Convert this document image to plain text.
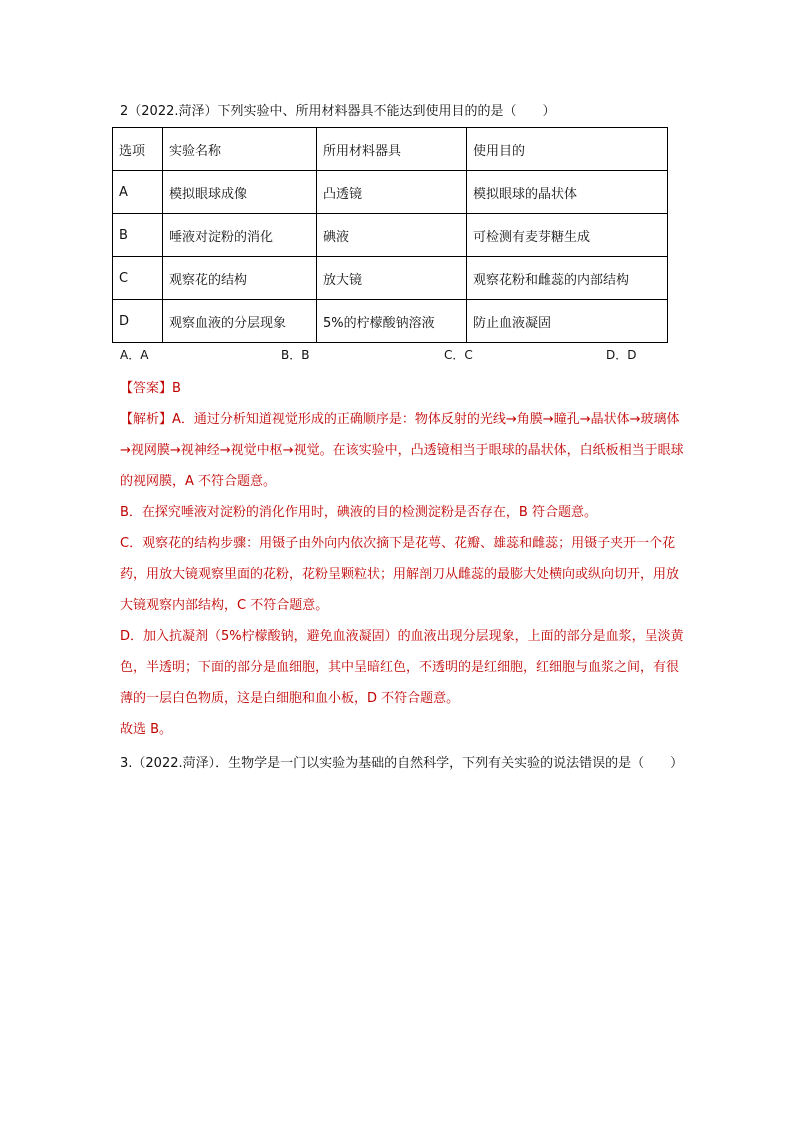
2（2022.菏泽）下列实验中、所用材料器具不能达到使用目的的是（　　）
选项	实验名称	所用材料器具	使用目的
A	模拟眼球成像	凸透镜	模拟眼球的晶状体
B	唾液对淀粉的消化	碘液	可检测有麦芽糖生成
C	观察花的结构	放大镜	观察花粉和雌蕊的内部结构
D	观察血液的分层现象	5%的柠檬酸钠溶液	防止血液凝固
A．A	B．B	C．C	D．D
【答案】B

【解析】A．通过分析知道视觉形成的正确顺序是：物体反射的光线→角膜→瞳孔→晶状体→玻璃体→视网膜→视神经→视觉中枢→视觉。在该实验中，凸透镜相当于眼球的晶状体，白纸板相当于眼球的视网膜，A 不符合题意。

B．在探究唾液对淀粉的消化作用时，碘液的目的检测淀粉是否存在，B 符合题意。

C．观察花的结构步骤：用镊子由外向内依次摘下是花萼、花瓣、雄蕊和雌蕊；用镊子夹开一个花药，用放大镜观察里面的花粉，花粉呈颗粒状；用解剖刀从雌蕊的最膨大处横向或纵向切开，用放大镜观察内部结构，C 不符合题意。

D．加入抗凝剂（5%柠檬酸钠，避免血液凝固）的血液出现分层现象，上面的部分是血浆，呈淡黄色，半透明；下面的部分是血细胞，其中呈暗红色，不透明的是红细胞，红细胞与血浆之间，有很薄的一层白色物质，这是白细胞和血小板，D 不符合题意。

故选 B。

3.（2022.菏泽）．生物学是一门以实验为基础的自然科学，下列有关实验的说法错误的是（　　）
